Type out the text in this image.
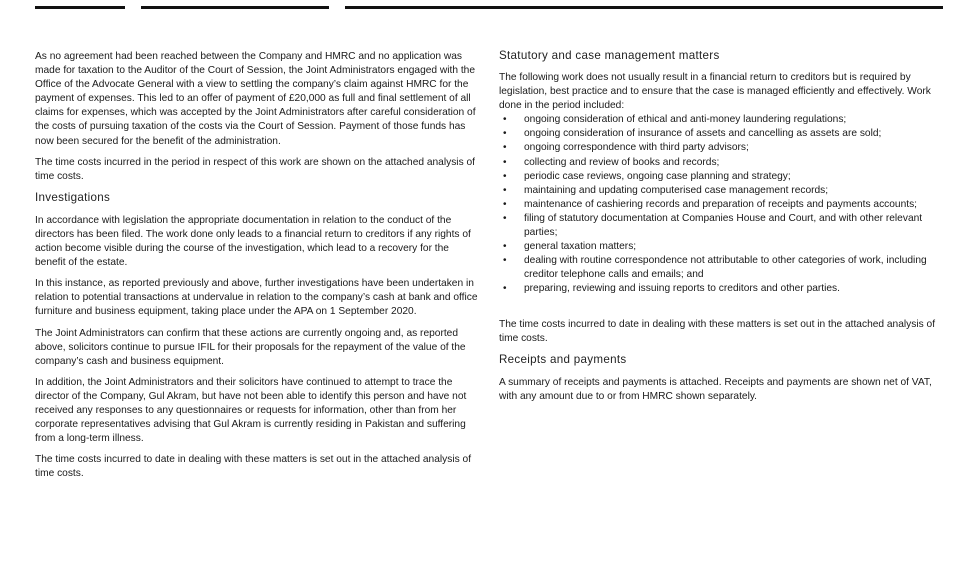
As no agreement had been reached between the Company and HMRC and no application was made for taxation to the Auditor of the Court of Session, the Joint Administrators engaged with the Office of the Advocate General with a view to settling the company’s claim against HMRC for the payment of expenses. This led to an offer of payment of £20,000 as full and final settlement of all claims for expenses, which was accepted by the Joint Administrators after careful consideration of the costs of pursuing taxation of the costs via the Court of Session. Payment of those funds has now been secured for the benefit of the administration.

The time costs incurred in the period in respect of this work are shown on the attached analysis of time costs.

Investigations

In accordance with legislation the appropriate documentation in relation to the conduct of the directors has been filed. The work done only leads to a financial return to creditors if any rights of action become visible during the course of the investigation, which lead to a recovery for the benefit of the estate.

In this instance, as reported previously and above, further investigations have been undertaken in relation to potential transactions at undervalue in relation to the company’s cash at bank and office furniture and business equipment, taking place under the APA on 1 September 2020.

The Joint Administrators can confirm that these actions are currently ongoing and, as reported above, solicitors continue to pursue IFIL for their proposals for the repayment of the value of the company’s cash and business equipment.

In addition, the Joint Administrators and their solicitors have continued to attempt to trace the director of the Company, Gul Akram, but have not been able to identify this person and have not received any responses to any questionnaires or requests for information, other than from her corporate representatives advising that Gul Akram is currently residing in Pakistan and suffering from a long-term illness.

The time costs incurred to date in dealing with these matters is set out in the attached analysis of time costs.

Statutory and case management matters

The following work does not usually result in a financial return to creditors but is required by legislation, best practice and to ensure that the case is managed efficiently and effectively. Work done in the period included:

• ongoing consideration of ethical and anti-money laundering regulations;
• ongoing consideration of insurance of assets and cancelling as assets are sold;
• ongoing correspondence with third party advisors;
• collecting and review of books and records;
• periodic case reviews, ongoing case planning and strategy;
• maintaining and updating computerised case management records;
• maintenance of cashiering records and preparation of receipts and payments accounts;
• filing of statutory documentation at Companies House and Court, and with other relevant parties;
• general taxation matters;
• dealing with routine correspondence not attributable to other categories of work, including creditor telephone calls and emails; and
• preparing, reviewing and issuing reports to creditors and other parties.

The time costs incurred to date in dealing with these matters is set out in the attached analysis of time costs.

Receipts and payments

A summary of receipts and payments is attached. Receipts and payments are shown net of VAT, with any amount due to or from HMRC shown separately.
